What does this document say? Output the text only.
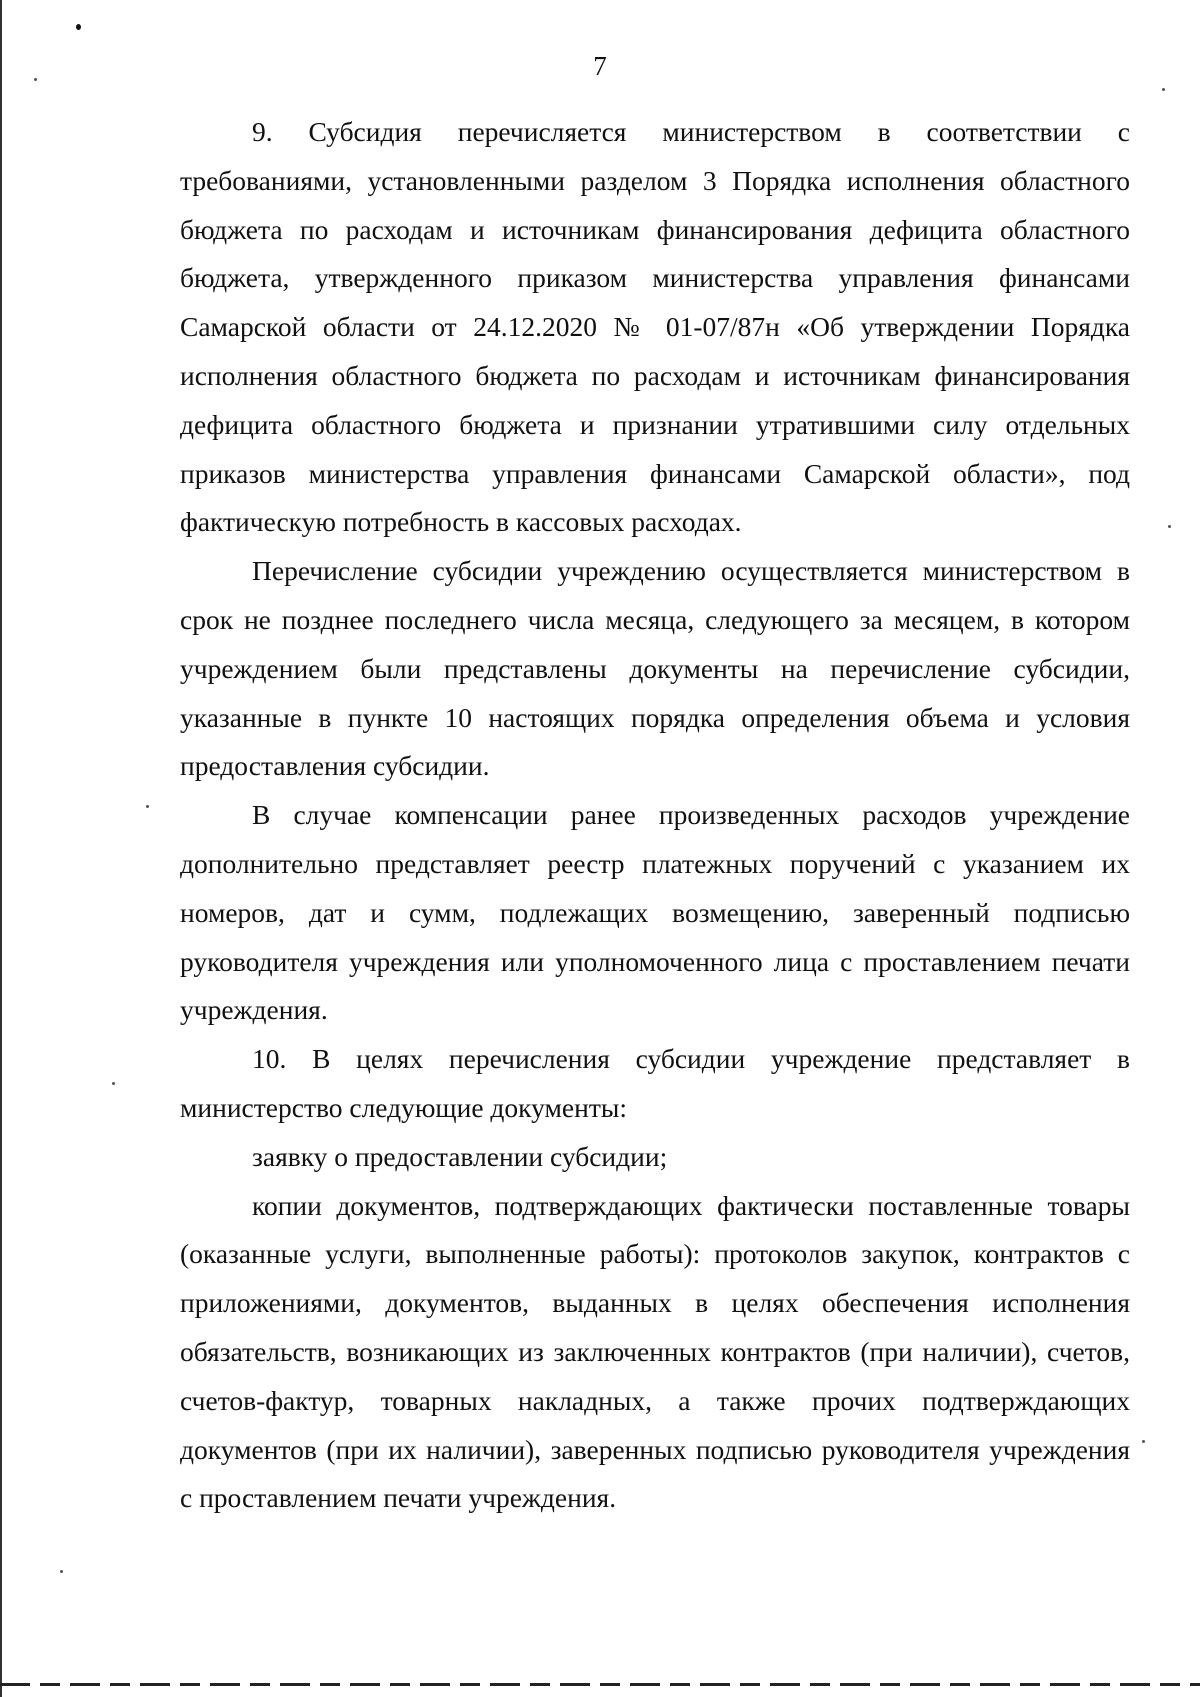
7

9. Субсидия перечисляется министерством в соответствии с требованиями, установленными разделом 3 Порядка исполнения областного бюджета по расходам и источникам финансирования дефицита областного бюджета, утвержденного приказом министерства управления финансами Самарской области от 24.12.2020 № 01-07/87н «Об утверждении Порядка исполнения областного бюджета по расходам и источникам финансирования дефицита областного бюджета и признании утратившими силу отдельных приказов министерства управления финансами Самарской области», под фактическую потребность в кассовых расходах.

Перечисление субсидии учреждению осуществляется министерством в срок не позднее последнего числа месяца, следующего за месяцем, в котором учреждением были представлены документы на перечисление субсидии, указанные в пункте 10 настоящих порядка определения объема и условия предоставления субсидии.

В случае компенсации ранее произведенных расходов учреждение дополнительно представляет реестр платежных поручений с указанием их номеров, дат и сумм, подлежащих возмещению, заверенный подписью руководителя учреждения или уполномоченного лица с проставлением печати учреждения.

10. В целях перечисления субсидии учреждение представляет в министерство следующие документы:

заявку о предоставлении субсидии;

копии документов, подтверждающих фактически поставленные товары (оказанные услуги, выполненные работы): протоколов закупок, контрактов с приложениями, документов, выданных в целях обеспечения исполнения обязательств, возникающих из заключенных контрактов (при наличии), счетов, счетов-фактур, товарных накладных, а также прочих подтверждающих документов (при их наличии), заверенных подписью руководителя учреждения с проставлением печати учреждения.
